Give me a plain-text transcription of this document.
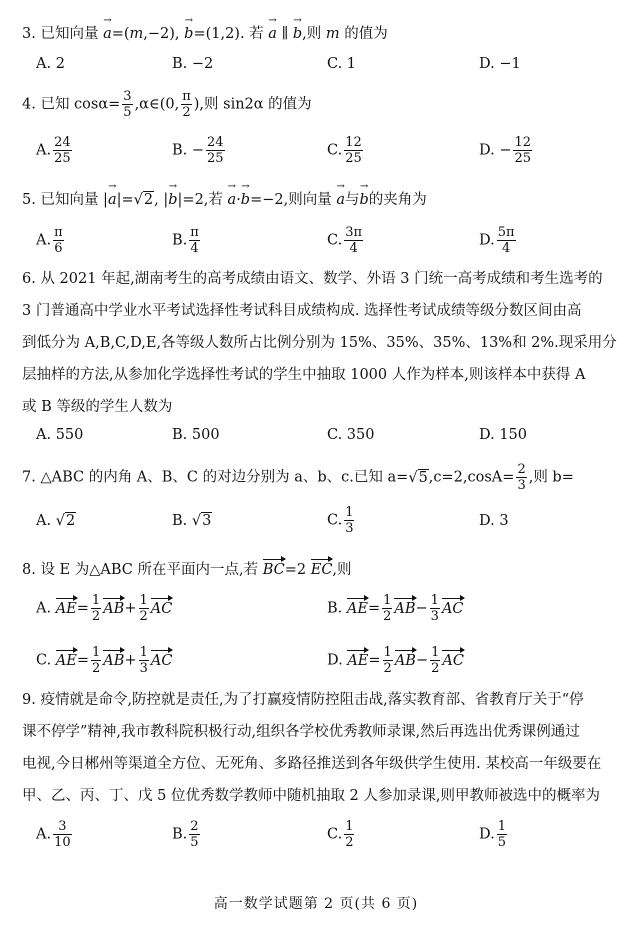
3. 已知向量 → a=(m,−2), → b=(1,2). 若 → a ∥ → b,则 m 的值为
A. 2	B. −2	C. 1	D. −1
4. 已知 $\cos\alpha= \frac{3}{5}$ ,α∈(0, $\frac{\pi}{2}$ ),则 sin2α 的值为
A. $\frac{24}{25}$	B. − $\frac{24}{25}$	C. $\frac{12}{25}$	D. − $\frac{12}{25}$
5. 已知向量 |→ a|=√2, |→ b|=2,若 → a·→ b=−2,则向量 → a与→ b的夹角为
A. $\frac{\pi}{6}$	B. $\frac{\pi}{4}$	C. $\frac{3\pi}{4}$	D. $\frac{5\pi}{4}$
6. 从 2021 年起,湖南考生的高考成绩由语文、数学、外语 3 门统一高考成绩和考生选考的
3 门普通高中学业水平考试选择性考试科目成绩构成. 选择性考试成绩等级分数区间由高
到低分为 A,B,C,D,E,各等级人数所占比例分别为 15%、35%、35%、13%和 2%.现采用分
层抽样的方法,从参加化学选择性考试的学生中抽取 1000 人作为样本,则该样本中获得 A
或 B 等级的学生人数为
A. 550	B. 500	C. 350	D. 150
7. △ABC 的内角 A、B、C 的对边分别为 a、b、c.已知 $a=√5,c=2,\cos A= \frac{2}{3}$ ,则 b=
A. √2	B. √3	C. $\frac{1}{3}$	D. 3
8. 设 E 为△ABC 所在平面内一点,若 BC=2 EC,则
A. $AE= \frac{1}{2} AB+ \frac{1}{2}$ AC	B. $AE= \frac{1}{2} AB- \frac{1}{3}$ AC
C. $AE= \frac{1}{2} AB+ \frac{1}{3}$ AC	D. $AE= \frac{1}{2} AB- \frac{1}{2}$ AC
9. 疫情就是命令,防控就是责任,为了打赢疫情防控阻击战,落实教育部、省教育厅关于“停
课不停学”精神,我市教科院积极行动,组织各学校优秀教师录课,然后再选出优秀课例通过
电视,今日郴州等渠道全方位、无死角、多路径推送到各年级供学生使用. 某校高一年级要在
甲、乙、丙、丁、戊 5 位优秀数学教师中随机抽取 2 人参加录课,则甲教师被选中的概率为
A. $\frac{3}{10}$	B. $\frac{2}{5}$	C. $\frac{1}{2}$	D. $\frac{1}{5}$
高一数学试题第 2 页(共 6 页)
